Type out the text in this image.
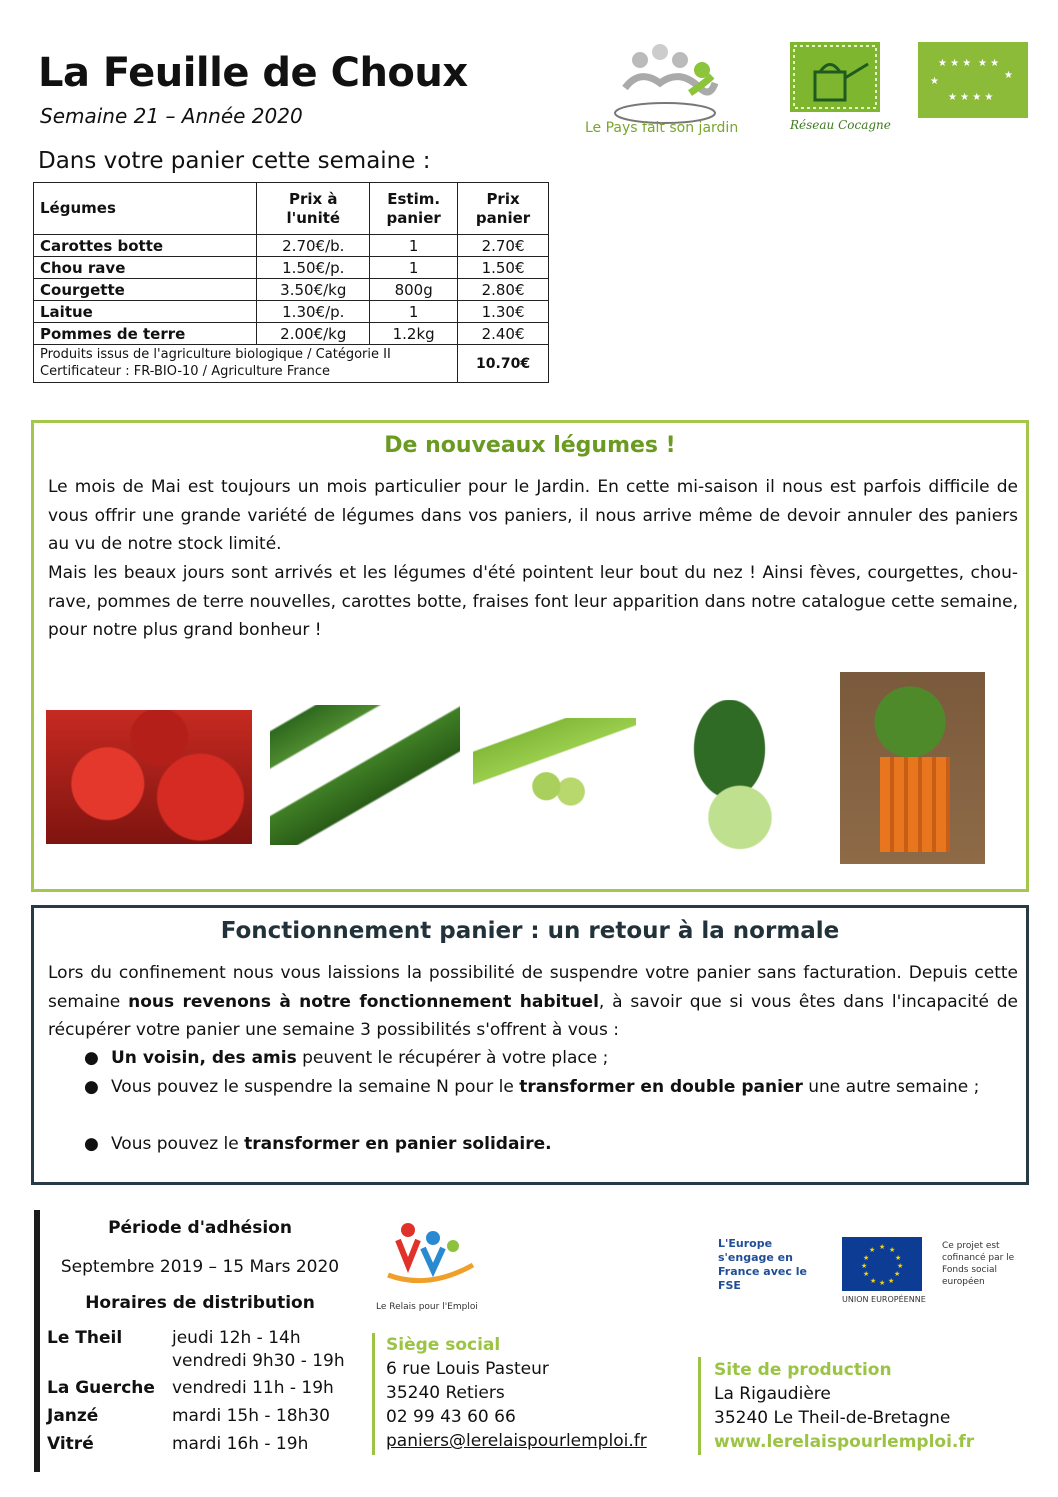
La Feuille de Choux
Semaine 21 – Année 2020
Dans votre panier cette semaine :
Le Pays fait son jardin	Réseau Cocagne
★ ★ ★
★
★
★ ★ ★ ★
★ ★
Légumes	Prix à l'unité	Estim. panier	Prix panier
Carottes botte	2.70€/b.	1	2.70€
Chou rave	1.50€/p.	1	1.50€
Courgette	3.50€/kg	800g	2.80€
Laitue	1.30€/p.	1	1.30€
Pommes de terre	2.00€/kg	1.2kg	2.40€

Produits issus de l'agriculture biologique / Catégorie II
Certificateur : FR-BIO-10 / Agriculture France			10.70€
De nouveaux légumes !

Le mois de Mai est toujours un mois particulier pour le Jardin. En cette mi-saison il nous est parfois difficile de vous offrir une grande variété de légumes dans vos paniers, il nous arrive même de devoir annuler des paniers au vu de notre stock limité.

Mais les beaux jours sont arrivés et les légumes d'été pointent leur bout du nez ! Ainsi fèves, courgettes, chou-rave, pommes de terre nouvelles, carottes botte, fraises font leur apparition dans notre catalogue cette semaine, pour notre plus grand bonheur !

Fonctionnement panier : un retour à la normale

Lors du confinement nous vous laissions la possibilité de suspendre votre panier sans facturation. Depuis cette semaine nous revenons à notre fonctionnement habituel, à savoir que si vous êtes dans l'incapacité de récupérer votre panier une semaine 3 possibilités s'offrent à vous :

● Un voisin, des amis peuvent le récupérer à votre place ;
● Vous pouvez le suspendre la semaine N pour le transformer en double panier une autre semaine ;
● Vous pouvez le transformer en panier solidaire.
Période d'adhésion
Septembre 2019 – 15 Mars 2020
Horaires de distribution
Le Theil	jeudi 12h - 14h
vendredi 9h30 - 19h
La Guerche	vendredi 11h - 19h
Janzé	mardi 15h - 18h30
Vitré	mardi 16h - 19h
Le Relais pour l'Emploi
Siège social
6 rue Louis Pasteur
35240 Retiers
02 99 43 60 66
paniers@lerelaispourlemploi.fr
Site de production
La Rigaudière
35240 Le Theil-de-Bretagne
www.lerelaispourlemploi.fr
L'Europe s'engage en France avec le FSE
★ ★
★
★
★
★
★
★
★
★
★
★
UNION EUROPÉENNE
Ce projet est cofinancé par le Fonds social européen
